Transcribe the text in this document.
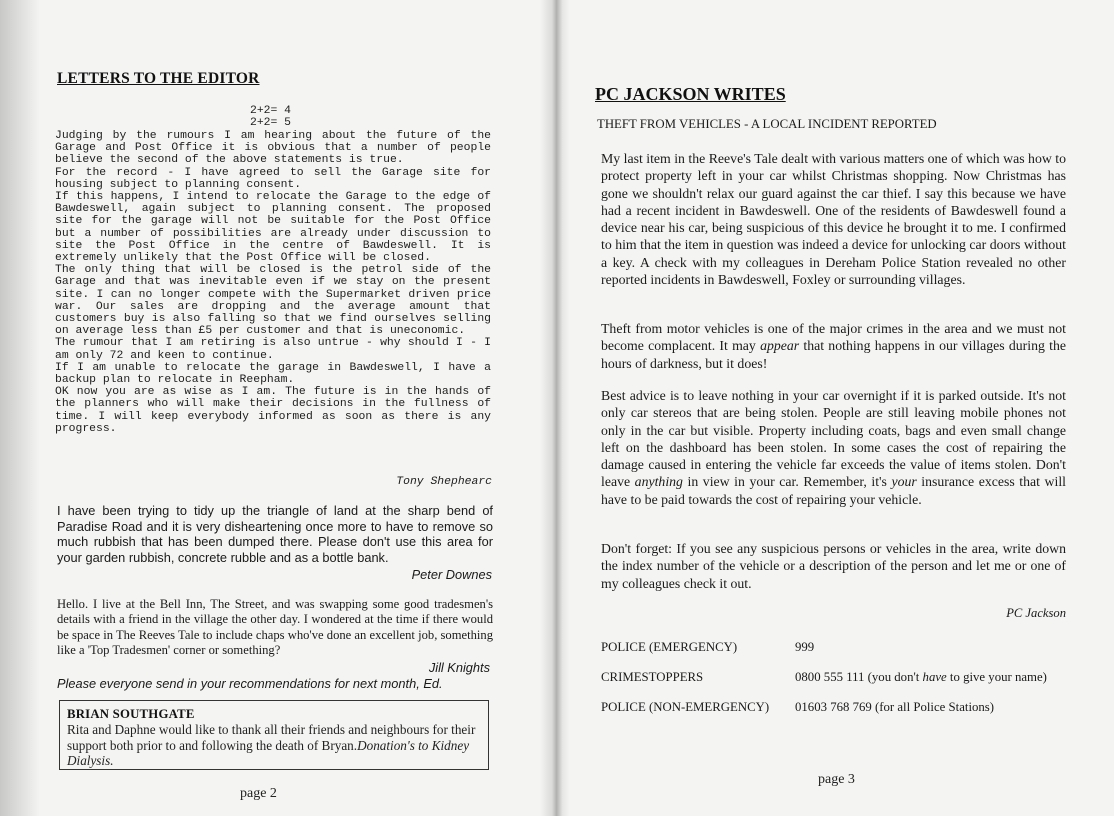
LETTERS TO THE EDITOR
2+2= 4
2+2= 5

Judging by the rumours I am hearing about the future of the Garage and Post Office it is obvious that a number of people believe the second of the above statements is true.

For the record - I have agreed to sell the Garage site for housing subject to planning consent.

If this happens, I intend to relocate the Garage to the edge of Bawdeswell, again subject to planning consent. The proposed site for the garage will not be suitable for the Post Office but a number of possibilities are already under discussion to site the Post Office in the centre of Bawdeswell. It is extremely unlikely that the Post Office will be closed.

The only thing that will be closed is the petrol side of the Garage and that was inevitable even if we stay on the present site. I can no longer compete with the Supermarket driven price war. Our sales are dropping and the average amount that customers buy is also falling so that we find ourselves selling on average less than £5 per customer and that is uneconomic.

The rumour that I am retiring is also untrue - why should I - I am only 72 and keen to continue.

If I am unable to relocate the garage in Bawdeswell, I have a backup plan to relocate in Reepham.

OK now you are as wise as I am. The future is in the hands of the planners who will make their decisions in the fullness of time. I will keep everybody informed as soon as there is any progress.

Tony Shephearc
I have been trying to tidy up the triangle of land at the sharp bend of Paradise Road and it is very disheartening once more to have to remove so much rubbish that has been dumped there. Please don't use this area for your garden rubbish, concrete rubble and as a bottle bank.
Peter Downes
Hello. I live at the Bell Inn, The Street, and was swapping some good tradesmen's details with a friend in the village the other day. I wondered at the time if there would be space in The Reeves Tale to include chaps who've done an excellent job, something like a 'Top Tradesmen' corner or something?
Jill Knights
Please everyone send in your recommendations for next month, Ed.
BRIAN SOUTHGATE
Rita and Daphne would like to thank all their friends and neighbours for their support both prior to and following the death of Bryan.Donation's to Kidney Dialysis.
page 2
PC JACKSON WRITES
THEFT FROM VEHICLES - A LOCAL INCIDENT REPORTED
My last item in the Reeve's Tale dealt with various matters one of which was how to protect property left in your car whilst Christmas shopping. Now Christmas has gone we shouldn't relax our guard against the car thief. I say this because we have had a recent incident in Bawdeswell. One of the residents of Bawdeswell found a device near his car, being suspicious of this device he brought it to me. I confirmed to him that the item in question was indeed a device for unlocking car doors without a key. A check with my colleagues in Dereham Police Station revealed no other reported incidents in Bawdeswell, Foxley or surrounding villages.
Theft from motor vehicles is one of the major crimes in the area and we must not become complacent. It may appear that nothing happens in our villages during the hours of darkness, but it does!
Best advice is to leave nothing in your car overnight if it is parked outside. It's not only car stereos that are being stolen. People are still leaving mobile phones not only in the car but visible. Property including coats, bags and even small change left on the dashboard has been stolen. In some cases the cost of repairing the damage caused in entering the vehicle far exceeds the value of items stolen. Don't leave anything in view in your car. Remember, it's your insurance excess that will have to be paid towards the cost of repairing your vehicle.
Don't forget: If you see any suspicious persons or vehicles in the area, write down the index number of the vehicle or a description of the person and let me or one of my colleagues check it out.
PC Jackson
POLICE (EMERGENCY)	999
CRIMESTOPPERS	0800 555 111 (you don't have to give your name)
POLICE (NON-EMERGENCY) 01603 768 769 (for all Police Stations)
page 3
